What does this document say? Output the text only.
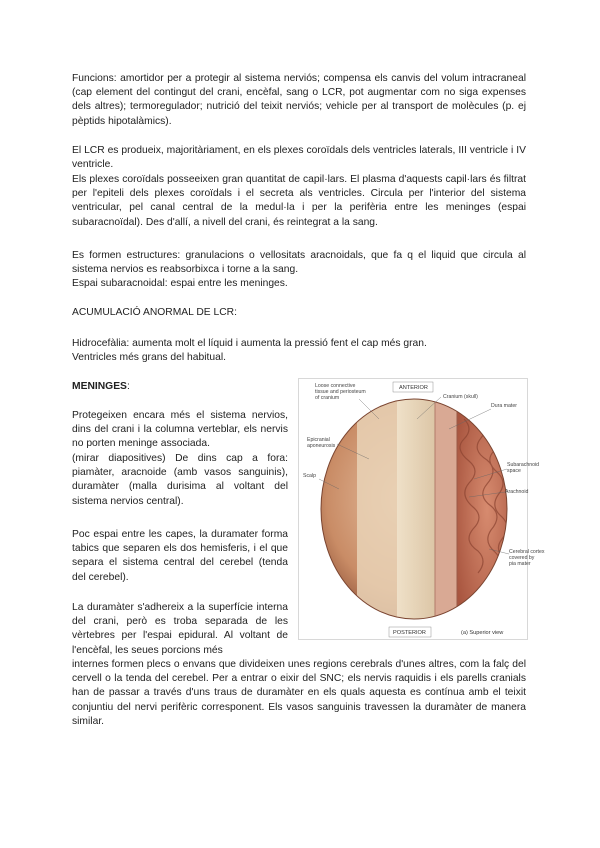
Funcions: amortidor per a protegir al sistema nerviós; compensa els canvis del volum intracraneal (cap element del contingut del crani, encèfal, sang o LCR, pot augmentar com no siga expenses dels altres); termoregulador; nutrició del teixit nerviós; vehicle per al transport de molècules (p. ej pèptids hipotalàmics).

El LCR es produeix, majoritàriament, en els plexes coroïdals dels ventricles laterals, III ventricle i IV ventricle.

Els plexes coroïdals posseeixen gran quantitat de capil·lars. El plasma d'aquests capil·lars és filtrat per l'epiteli dels plexes coroïdals i el secreta als ventricles. Circula per l'interior del sistema ventricular, pel canal central de la medul·la i per la perifèria entre les meninges (espai subaracnoïdal). Des d'allí, a nivell del crani, és reintegrat a la sang.

Es formen estructures: granulacions o vellositats aracnoidals, que fa q el liquid que circula al sistema nervios es reabsorbixca i torne a la sang.

Espai subaracnoidal: espai entre les meninges.

ACUMULACIÓ ANORMAL DE LCR:

Hidrocefàlia: aumenta molt el líquid i aumenta la pressió fent el cap més gran.

Ventricles més grans del habitual.

MENINGES:

Protegeixen encara més el sistema nervios, dins del crani i la columna verteblar, els nervis no porten meninge associada.

(mirar diapositives) De dins cap a fora: piamàter, aracnoide (amb vasos sanguinis), duramàter (malla durisima al voltant del sistema nervios central).

Poc espai entre les capes, la duramater forma tabics que separen els dos hemisferis, i el que separa el sistema central del cerebel (tenda del cerebel).

La duramàter s'adhereix a la superfície interna del crani, però es troba separada de les vèrtebres per l'espai epidural. Al voltant de l'encèfal, les seues porcions més

internes formen plecs o envans que divideixen unes regions cerebrals d'unes altres, com la falç del cervell o la tenda del cerebel. Per a entrar o eixir del SNC; els nervis raquidis i els parells cranials han de passar a través d'uns traus de duramàter en els quals aquesta es contínua amb el teixit conjuntiu del nervi perifèric corresponent. Els vasos sanguinis travessen la duramàter de manera similar.

Loose connective
tissue and periosteum
of cranium
ANTERIOR
Cranium (skull)
Epicranial
aponeurosis
Dura mater
Scalp
Subarachnoid
space
Arachnoid
Cerebral cortex
covered by
pia mater
POSTERIOR	(a) Superior view
